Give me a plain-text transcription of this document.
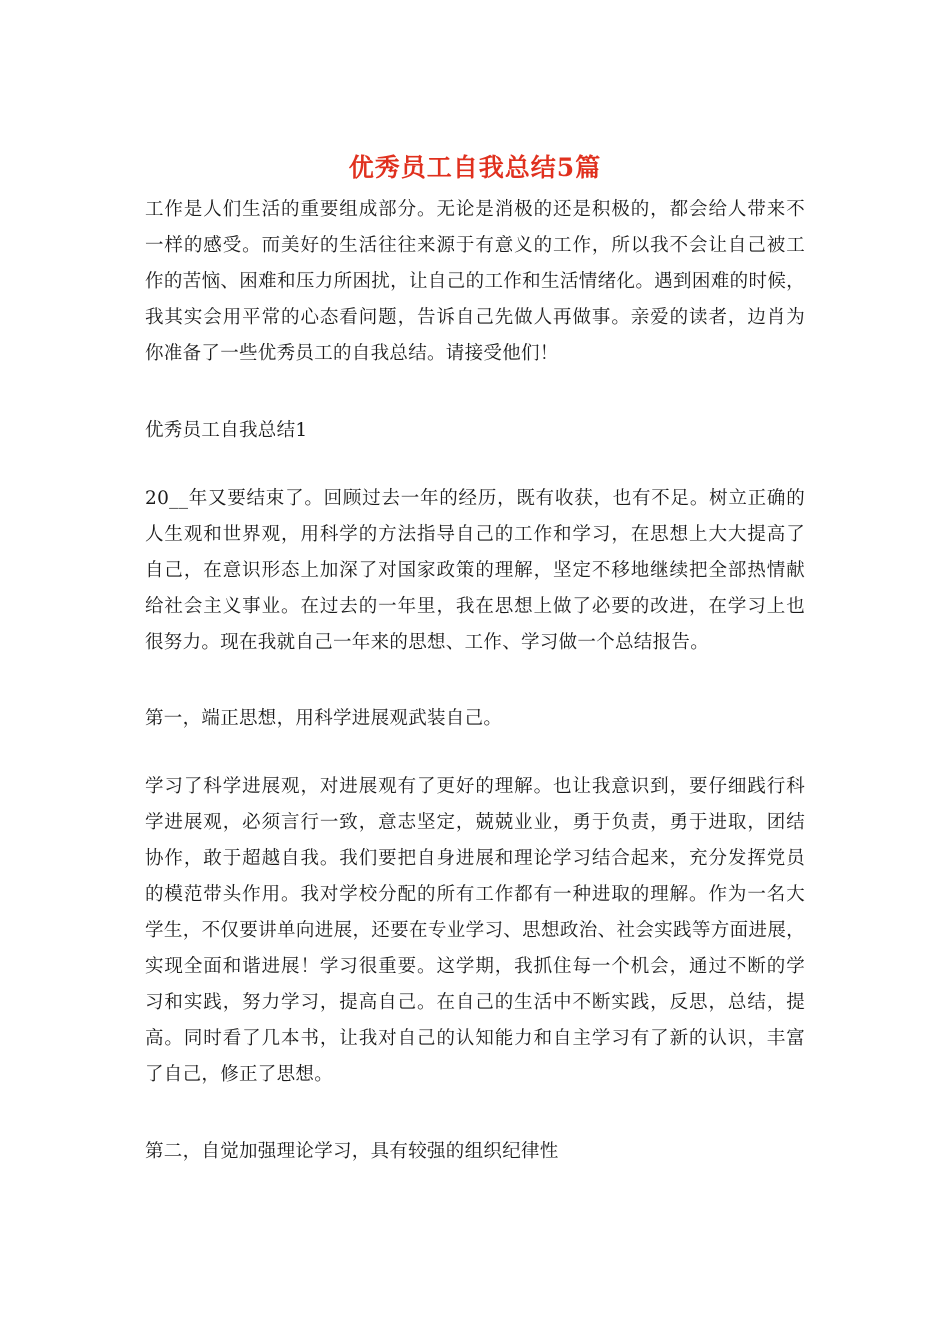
优秀员工自我总结5篇
工作是人们生活的重要组成部分。无论是消极的还是积极的，都会给人带来不
一样的感受。而美好的生活往往来源于有意义的工作，所以我不会让自己被工
作的苦恼、困难和压力所困扰，让自己的工作和生活情绪化。遇到困难的时候，
我其实会用平常的心态看问题，告诉自己先做人再做事。亲爱的读者，边肖为
你准备了一些优秀员工的自我总结。请接受他们！
优秀员工自我总结1
20__年又要结束了。回顾过去一年的经历，既有收获，也有不足。树立正确的
人生观和世界观，用科学的方法指导自己的工作和学习，在思想上大大提高了
自己，在意识形态上加深了对国家政策的理解，坚定不移地继续把全部热情献
给社会主义事业。在过去的一年里，我在思想上做了必要的改进，在学习上也
很努力。现在我就自己一年来的思想、工作、学习做一个总结报告。
第一，端正思想，用科学进展观武装自己。
学习了科学进展观，对进展观有了更好的理解。也让我意识到，要仔细践行科
学进展观，必须言行一致，意志坚定，兢兢业业，勇于负责，勇于进取，团结
协作，敢于超越自我。我们要把自身进展和理论学习结合起来，充分发挥党员
的模范带头作用。我对学校分配的所有工作都有一种进取的理解。作为一名大
学生，不仅要讲单向进展，还要在专业学习、思想政治、社会实践等方面进展，
实现全面和谐进展！学习很重要。这学期，我抓住每一个机会，通过不断的学
习和实践，努力学习，提高自己。在自己的生活中不断实践，反思，总结，提
高。同时看了几本书，让我对自己的认知能力和自主学习有了新的认识，丰富
了自己，修正了思想。
第二，自觉加强理论学习，具有较强的组织纪律性
